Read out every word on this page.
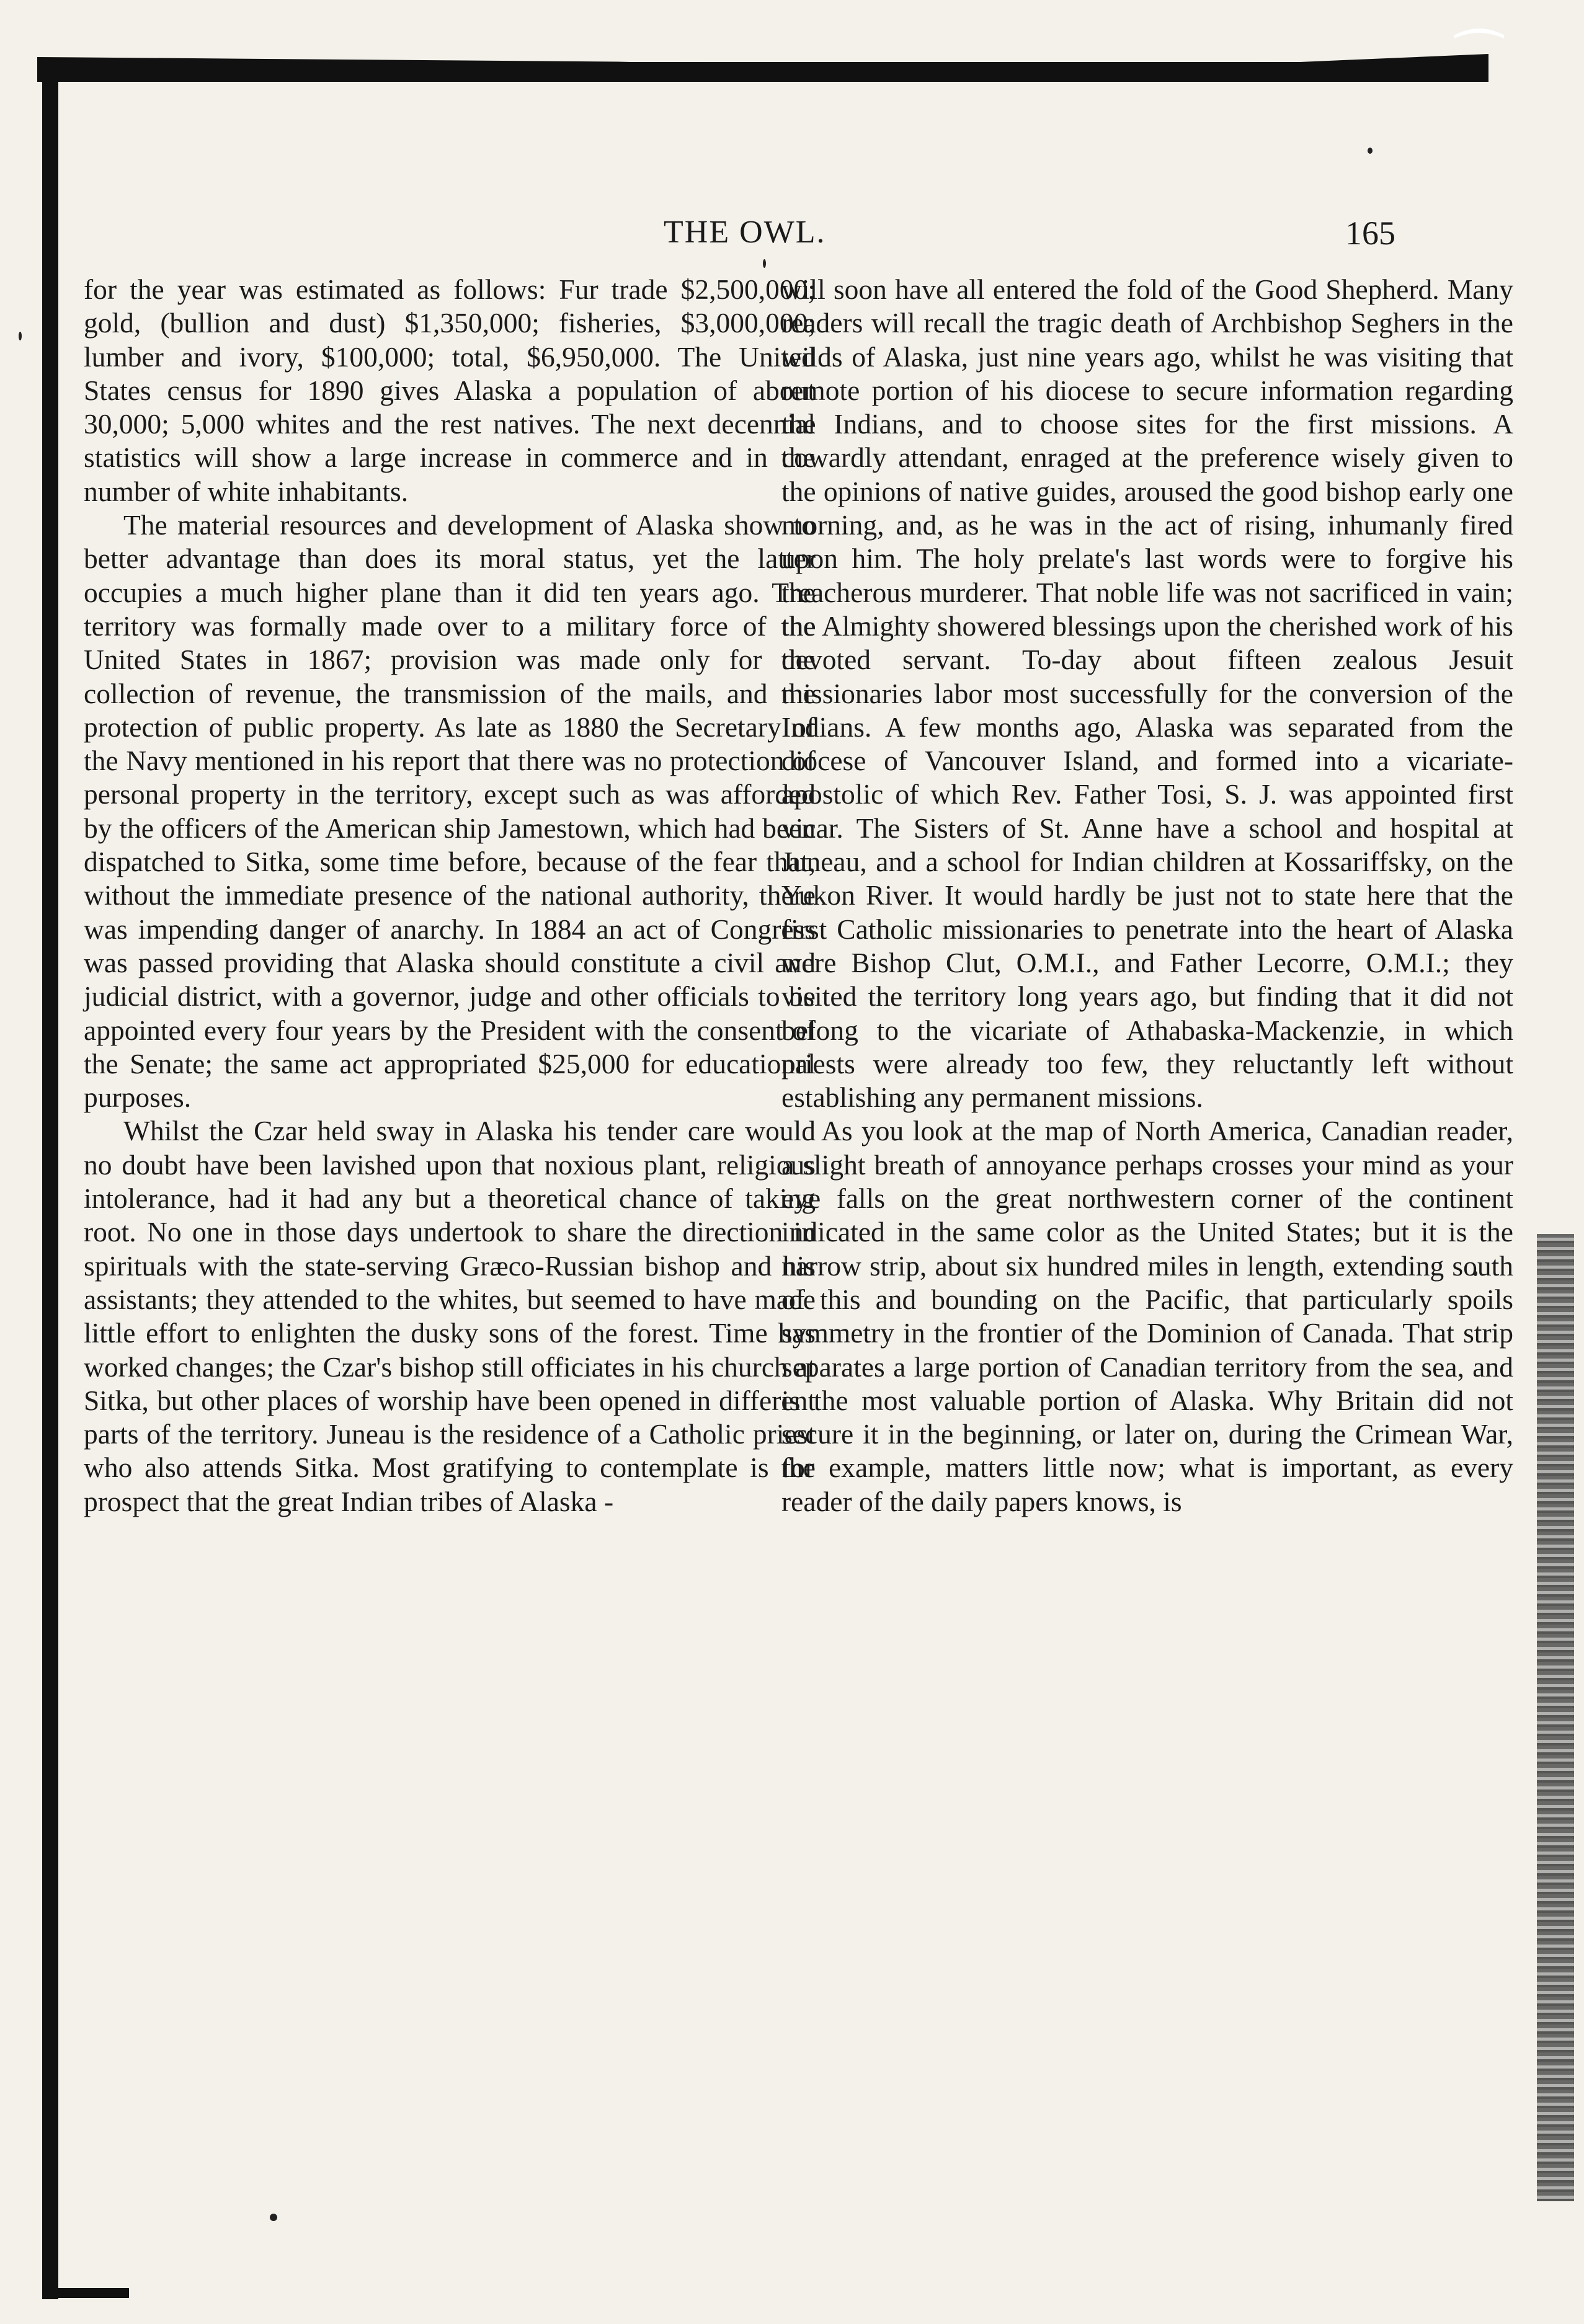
⁀
THE OWL.	165

for the year was estimated as follows: Fur trade $2,500,000; gold, (bullion and dust) $1,350,000; fisheries, $3,000,000; lumber and ivory, $100,000; total, $6,950,000. The United States census for 1890 gives Alaska a population of about 30,000; 5,000 whites and the rest natives. The next decennial statistics will show a large increase in commerce and in the number of white inhabitants.

The material resources and development of Alaska show to better advantage than does its moral status, yet the latter occupies a much higher plane than it did ten years ago. The territory was formally made over to a military force of the United States in 1867; provision was made only for the collection of revenue, the transmission of the mails, and the protection of public property. As late as 1880 the Secretary of the Navy mentioned in his report that there was no protection of personal property in the territory, except such as was afforded by the officers of the American ship Jamestown, which had been dispatched to Sitka, some time before, because of the fear that, without the immediate presence of the national authority, there was impending danger of anarchy. In 1884 an act of Congress was passed providing that Alaska should constitute a civil and judicial district, with a governor, judge and other officials to be appointed every four years by the President with the consent of the Senate; the same act appropriated $25,000 for educational purposes.

Whilst the Czar held sway in Alaska his tender care would no doubt have been lavished upon that noxious plant, religious intolerance, had it had any but a theoretical chance of taking root. No one in those days undertook to share the direction in spirituals with the state-serving Græco-Russian bishop and his assistants; they attended to the whites, but seemed to have made little effort to enlighten the dusky sons of the forest. Time has worked changes; the Czar's bishop still officiates in his church at Sitka, but other places of worship have been opened in different parts of the territory. Juneau is the residence of a Catholic priest who also attends Sitka. Most gratifying to contemplate is the prospect that the great Indian tribes of Alaska -

will soon have all entered the fold of the Good Shepherd. Many readers will recall the tragic death of Archbishop Seghers in the wilds of Alaska, just nine years ago, whilst he was visiting that remote portion of his diocese to secure information regarding the Indians, and to choose sites for the first missions. A cowardly attendant, enraged at the preference wisely given to the opinions of native guides, aroused the good bishop early one morning, and, as he was in the act of rising, inhumanly fired upon him. The holy prelate's last words were to forgive his treacherous murderer. That noble life was not sacrificed in vain; the Almighty showered blessings upon the cherished work of his devoted servant. To-day about fifteen zealous Jesuit missionaries labor most successfully for the conversion of the Indians. A few months ago, Alaska was separated from the diocese of Vancouver Island, and formed into a vicariate-apostolic of which Rev. Father Tosi, S. J. was appointed first vicar. The Sisters of St. Anne have a school and hospital at Juneau, and a school for Indian children at Kossariffsky, on the Yukon River. It would hardly be just not to state here that the first Catholic missionaries to penetrate into the heart of Alaska were Bishop Clut, O.M.I., and Father Lecorre, O.M.I.; they visited the territory long years ago, but finding that it did not belong to the vicariate of Athabaska-Mackenzie, in which priests were already too few, they reluctantly left without establishing any permanent missions.

As you look at the map of North America, Canadian reader, a slight breath of annoyance perhaps crosses your mind as your eye falls on the great northwestern corner of the continent indicated in the same color as the United States; but it is the narrow strip, about six hundred miles in length, extending south of this and bounding on the Pacific, that particularly spoils symmetry in the frontier of the Dominion of Canada. That strip separates a large portion of Canadian territory from the sea, and is the most valuable portion of Alaska. Why Britain did not secure it in the beginning, or later on, during the Crimean War, for example, matters little now; what is important, as every reader of the daily papers knows, is
